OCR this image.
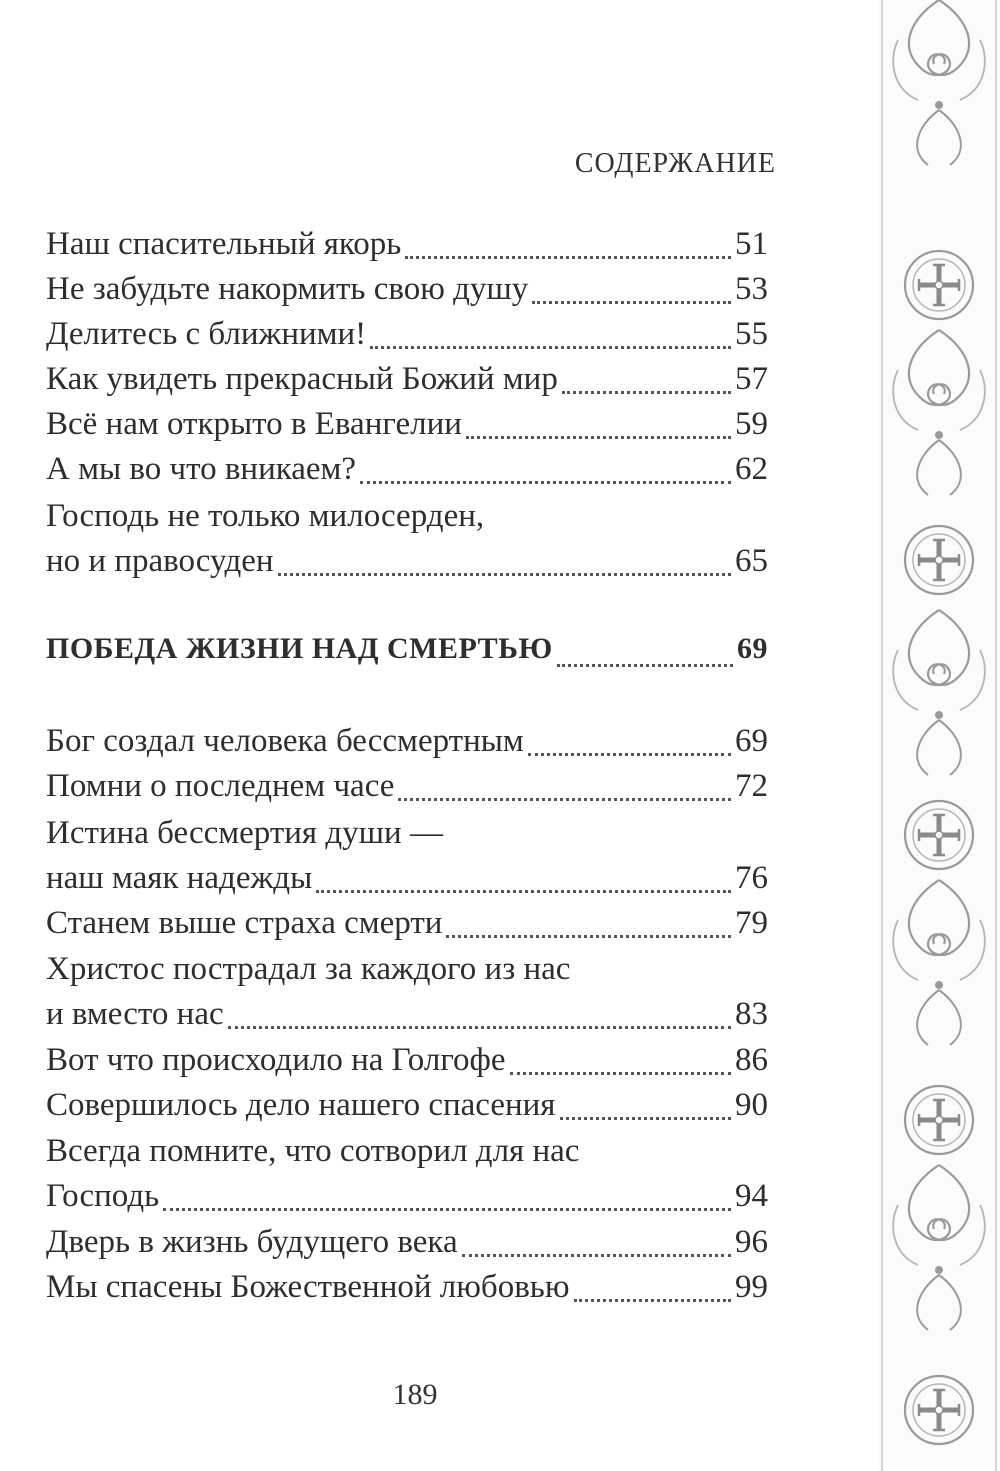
СОДЕРЖАНИЕ
Наш спасительный якорь	51
Не забудьте накормить свою душу	53
Делитесь с ближними!	55
Как увидеть прекрасный Божий мир	57
Всё нам открыто в Евангелии	59
А мы во что вникаем?	62
Господь не только милосерден,
но и правосуден	65
ПОБЕДА ЖИЗНИ НАД СМЕРТЬЮ	69
Бог создал человека бессмертным	69
Помни о последнем часе	72
Истина бессмертия души —
наш маяк надежды	76
Станем выше страха смерти	79
Христос пострадал за каждого из нас
и вместо нас	83
Вот что происходило на Голгофе	86
Совершилось дело нашего спасения	90
Всегда помните, что сотворил для нас
Господь	94
Дверь в жизнь будущего века	96
Мы спасены Божественной любовью	99
189
